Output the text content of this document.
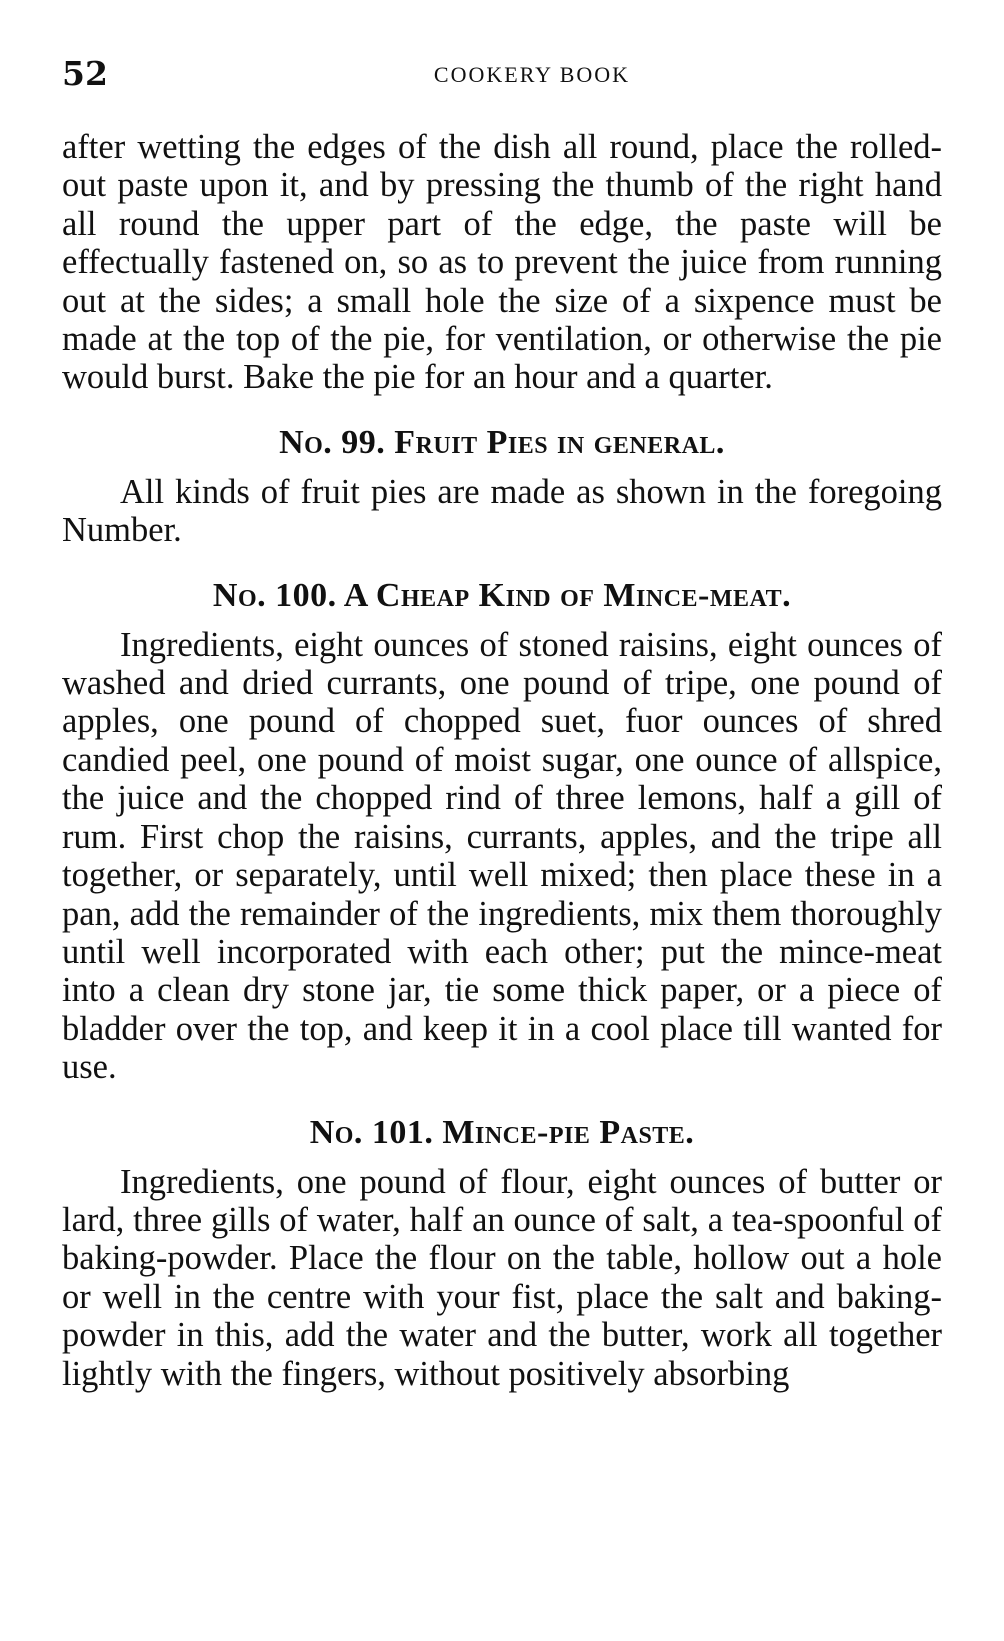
52	COOKERY BOOK

after wetting the edges of the dish all round, place the rolled-out paste upon it, and by pressing the thumb of the right hand all round the upper part of the edge, the paste will be effectually fastened on, so as to prevent the juice from running out at the sides; a small hole the size of a sixpence must be made at the top of the pie, for ventilation, or otherwise the pie would burst. Bake the pie for an hour and a quarter.

No. 99. Fruit Pies in general.

All kinds of fruit pies are made as shown in the foregoing Number.

No. 100. A Cheap Kind of Mince-meat.

Ingredients, eight ounces of stoned raisins, eight ounces of washed and dried currants, one pound of tripe, one pound of apples, one pound of chopped suet, fuor ounces of shred candied peel, one pound of moist sugar, one ounce of allspice, the juice and the chopped rind of three lemons, half a gill of rum. First chop the raisins, currants, apples, and the tripe all together, or separately, until well mixed; then place these in a pan, add the remainder of the ingredients, mix them thoroughly until well incorporated with each other; put the mince-meat into a clean dry stone jar, tie some thick paper, or a piece of bladder over the top, and keep it in a cool place till wanted for use.

No. 101. Mince-pie Paste.

Ingredients, one pound of flour, eight ounces of butter or lard, three gills of water, half an ounce of salt, a tea-spoonful of baking-powder. Place the flour on the table, hollow out a hole or well in the centre with your fist, place the salt and baking-powder in this, add the water and the butter, work all together lightly with the fingers, without positively absorbing
